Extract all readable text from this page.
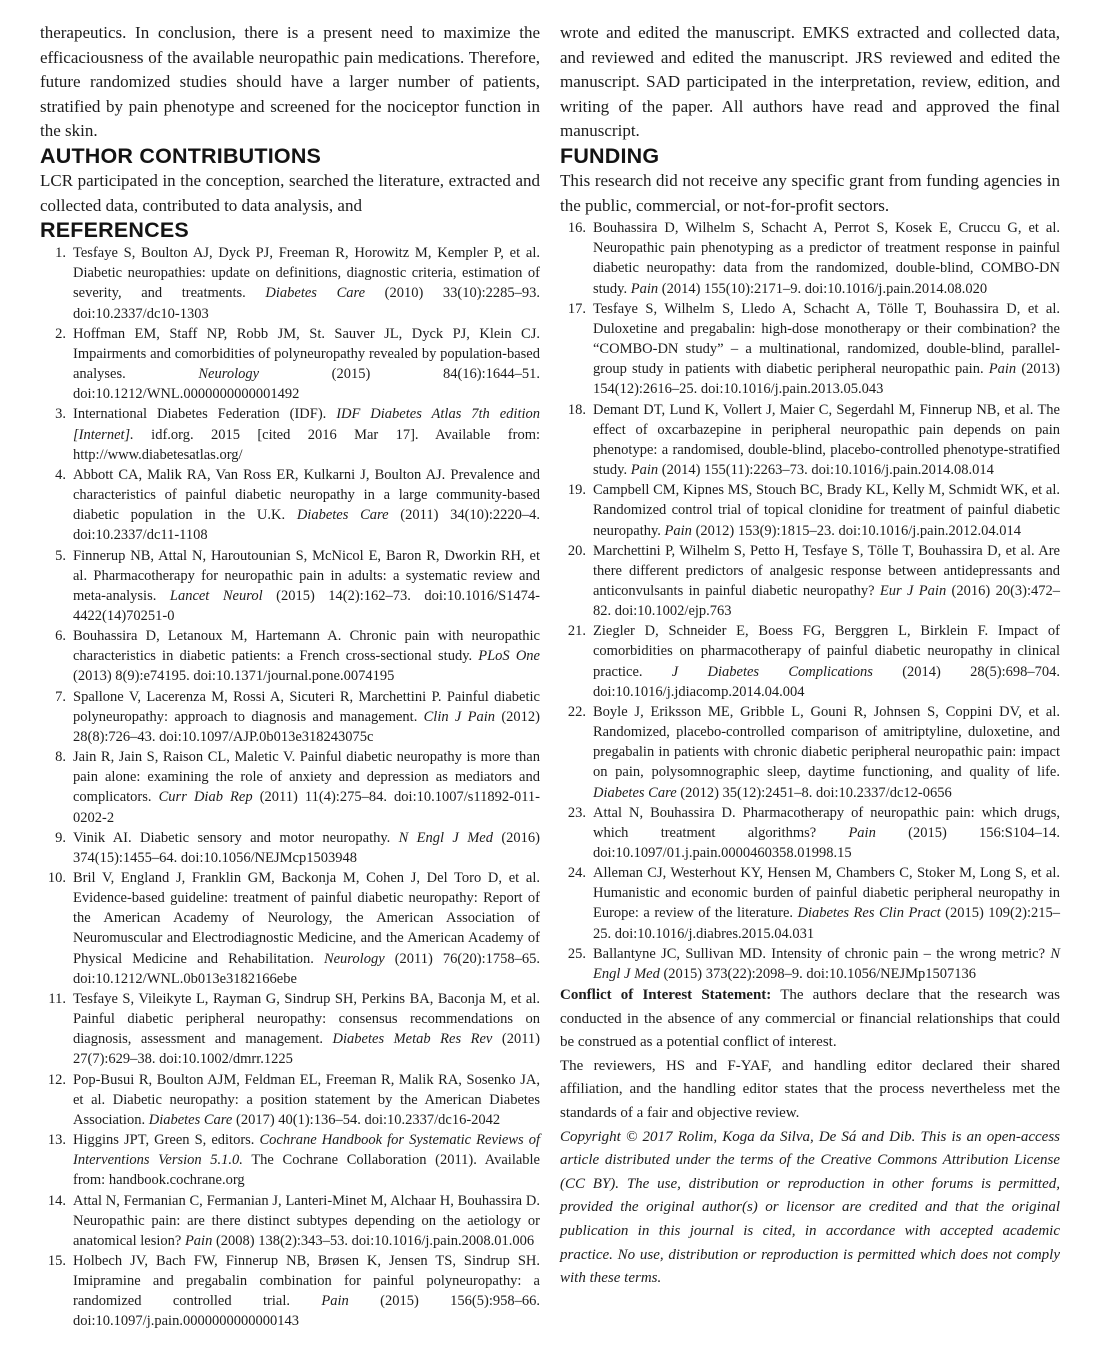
therapeutics. In conclusion, there is a present need to maximize the efficaciousness of the available neuropathic pain medications. Therefore, future randomized studies should have a larger number of patients, stratified by pain phenotype and screened for the nociceptor function in the skin.

AUTHOR CONTRIBUTIONS

LCR participated in the conception, searched the literature, extracted and collected data, contributed to data analysis, and

REFERENCES
1. Tesfaye S, Boulton AJ, Dyck PJ, Freeman R, Horowitz M, Kempler P, et al. Diabetic neuropathies: update on definitions, diagnostic criteria, estimation of severity, and treatments. Diabetes Care (2010) 33(10):2285–93. doi:10.2337/dc10-1303
2. Hoffman EM, Staff NP, Robb JM, St. Sauver JL, Dyck PJ, Klein CJ. Impairments and comorbidities of polyneuropathy revealed by population-based analyses. Neurology (2015) 84(16):1644–51. doi:10.1212/WNL.0000000000001492
3. International Diabetes Federation (IDF). IDF Diabetes Atlas 7th edition [Internet]. idf.org. 2015 [cited 2016 Mar 17]. Available from: http://www.diabetesatlas.org/
4. Abbott CA, Malik RA, Van Ross ER, Kulkarni J, Boulton AJ. Prevalence and characteristics of painful diabetic neuropathy in a large community-based diabetic population in the U.K. Diabetes Care (2011) 34(10):2220–4. doi:10.2337/dc11-1108
5. Finnerup NB, Attal N, Haroutounian S, McNicol E, Baron R, Dworkin RH, et al. Pharmacotherapy for neuropathic pain in adults: a systematic review and meta-analysis. Lancet Neurol (2015) 14(2):162–73. doi:10.1016/S1474-4422(14)70251-0
6. Bouhassira D, Letanoux M, Hartemann A. Chronic pain with neuropathic characteristics in diabetic patients: a French cross-sectional study. PLoS One (2013) 8(9):e74195. doi:10.1371/journal.pone.0074195
7. Spallone V, Lacerenza M, Rossi A, Sicuteri R, Marchettini P. Painful diabetic polyneuropathy: approach to diagnosis and management. Clin J Pain (2012) 28(8):726–43. doi:10.1097/AJP.0b013e318243075c
8. Jain R, Jain S, Raison CL, Maletic V. Painful diabetic neuropathy is more than pain alone: examining the role of anxiety and depression as mediators and complicators. Curr Diab Rep (2011) 11(4):275–84. doi:10.1007/s11892-011-0202-2
9. Vinik AI. Diabetic sensory and motor neuropathy. N Engl J Med (2016) 374(15):1455–64. doi:10.1056/NEJMcp1503948
10. Bril V, England J, Franklin GM, Backonja M, Cohen J, Del Toro D, et al. Evidence-based guideline: treatment of painful diabetic neuropathy: Report of the American Academy of Neurology, the American Association of Neuromuscular and Electrodiagnostic Medicine, and the American Academy of Physical Medicine and Rehabilitation. Neurology (2011) 76(20):1758–65. doi:10.1212/WNL.0b013e3182166ebe
11. Tesfaye S, Vileikyte L, Rayman G, Sindrup SH, Perkins BA, Baconja M, et al. Painful diabetic peripheral neuropathy: consensus recommendations on diagnosis, assessment and management. Diabetes Metab Res Rev (2011) 27(7):629–38. doi:10.1002/dmrr.1225
12. Pop-Busui R, Boulton AJM, Feldman EL, Freeman R, Malik RA, Sosenko JA, et al. Diabetic neuropathy: a position statement by the American Diabetes Association. Diabetes Care (2017) 40(1):136–54. doi:10.2337/dc16-2042
13. Higgins JPT, Green S, editors. Cochrane Handbook for Systematic Reviews of Interventions Version 5.1.0. The Cochrane Collaboration (2011). Available from: handbook.cochrane.org
14. Attal N, Fermanian C, Fermanian J, Lanteri-Minet M, Alchaar H, Bouhassira D. Neuropathic pain: are there distinct subtypes depending on the aetiology or anatomical lesion? Pain (2008) 138(2):343–53. doi:10.1016/j.pain.2008.01.006
15. Holbech JV, Bach FW, Finnerup NB, Brøsen K, Jensen TS, Sindrup SH. Imipramine and pregabalin combination for painful polyneuropathy: a randomized controlled trial. Pain (2015) 156(5):958–66. doi:10.1097/j.pain.0000000000000143

wrote and edited the manuscript. EMKS extracted and collected data, and reviewed and edited the manuscript. JRS reviewed and edited the manuscript. SAD participated in the interpretation, review, edition, and writing of the paper. All authors have read and approved the final manuscript.

FUNDING

This research did not receive any specific grant from funding agencies in the public, commercial, or not-for-profit sectors.

16. Bouhassira D, Wilhelm S, Schacht A, Perrot S, Kosek E, Cruccu G, et al. Neuropathic pain phenotyping as a predictor of treatment response in painful diabetic neuropathy: data from the randomized, double-blind, COMBO-DN study. Pain (2014) 155(10):2171–9. doi:10.1016/j.pain.2014.08.020
17. Tesfaye S, Wilhelm S, Lledo A, Schacht A, Tölle T, Bouhassira D, et al. Duloxetine and pregabalin: high-dose monotherapy or their combination? the “COMBO-DN study” – a multinational, randomized, double-blind, parallel-group study in patients with diabetic peripheral neuropathic pain. Pain (2013) 154(12):2616–25. doi:10.1016/j.pain.2013.05.043
18. Demant DT, Lund K, Vollert J, Maier C, Segerdahl M, Finnerup NB, et al. The effect of oxcarbazepine in peripheral neuropathic pain depends on pain phenotype: a randomised, double-blind, placebo-controlled phenotype-stratified study. Pain (2014) 155(11):2263–73. doi:10.1016/j.pain.2014.08.014
19. Campbell CM, Kipnes MS, Stouch BC, Brady KL, Kelly M, Schmidt WK, et al. Randomized control trial of topical clonidine for treatment of painful diabetic neuropathy. Pain (2012) 153(9):1815–23. doi:10.1016/j.pain.2012.04.014
20. Marchettini P, Wilhelm S, Petto H, Tesfaye S, Tölle T, Bouhassira D, et al. Are there different predictors of analgesic response between antidepressants and anticonvulsants in painful diabetic neuropathy? Eur J Pain (2016) 20(3):472–82. doi:10.1002/ejp.763
21. Ziegler D, Schneider E, Boess FG, Berggren L, Birklein F. Impact of comorbidities on pharmacotherapy of painful diabetic neuropathy in clinical practice. J Diabetes Complications (2014) 28(5):698–704. doi:10.1016/j.jdiacomp.2014.04.004
22. Boyle J, Eriksson ME, Gribble L, Gouni R, Johnsen S, Coppini DV, et al. Randomized, placebo-controlled comparison of amitriptyline, duloxetine, and pregabalin in patients with chronic diabetic peripheral neuropathic pain: impact on pain, polysomnographic sleep, daytime functioning, and quality of life. Diabetes Care (2012) 35(12):2451–8. doi:10.2337/dc12-0656
23. Attal N, Bouhassira D. Pharmacotherapy of neuropathic pain: which drugs, which treatment algorithms? Pain (2015) 156:S104–14. doi:10.1097/01.j.pain.0000460358.01998.15
24. Alleman CJ, Westerhout KY, Hensen M, Chambers C, Stoker M, Long S, et al. Humanistic and economic burden of painful diabetic peripheral neuropathy in Europe: a review of the literature. Diabetes Res Clin Pract (2015) 109(2):215–25. doi:10.1016/j.diabres.2015.04.031
25. Ballantyne JC, Sullivan MD. Intensity of chronic pain – the wrong metric? N Engl J Med (2015) 373(22):2098–9. doi:10.1056/NEJMp1507136

Conflict of Interest Statement: The authors declare that the research was conducted in the absence of any commercial or financial relationships that could be construed as a potential conflict of interest.

The reviewers, HS and F-YAF, and handling editor declared their shared affiliation, and the handling editor states that the process nevertheless met the standards of a fair and objective review.

Copyright © 2017 Rolim, Koga da Silva, De Sá and Dib. This is an open-access article distributed under the terms of the Creative Commons Attribution License (CC BY). The use, distribution or reproduction in other forums is permitted, provided the original author(s) or licensor are credited and that the original publication in this journal is cited, in accordance with accepted academic practice. No use, distribution or reproduction is permitted which does not comply with these terms.
